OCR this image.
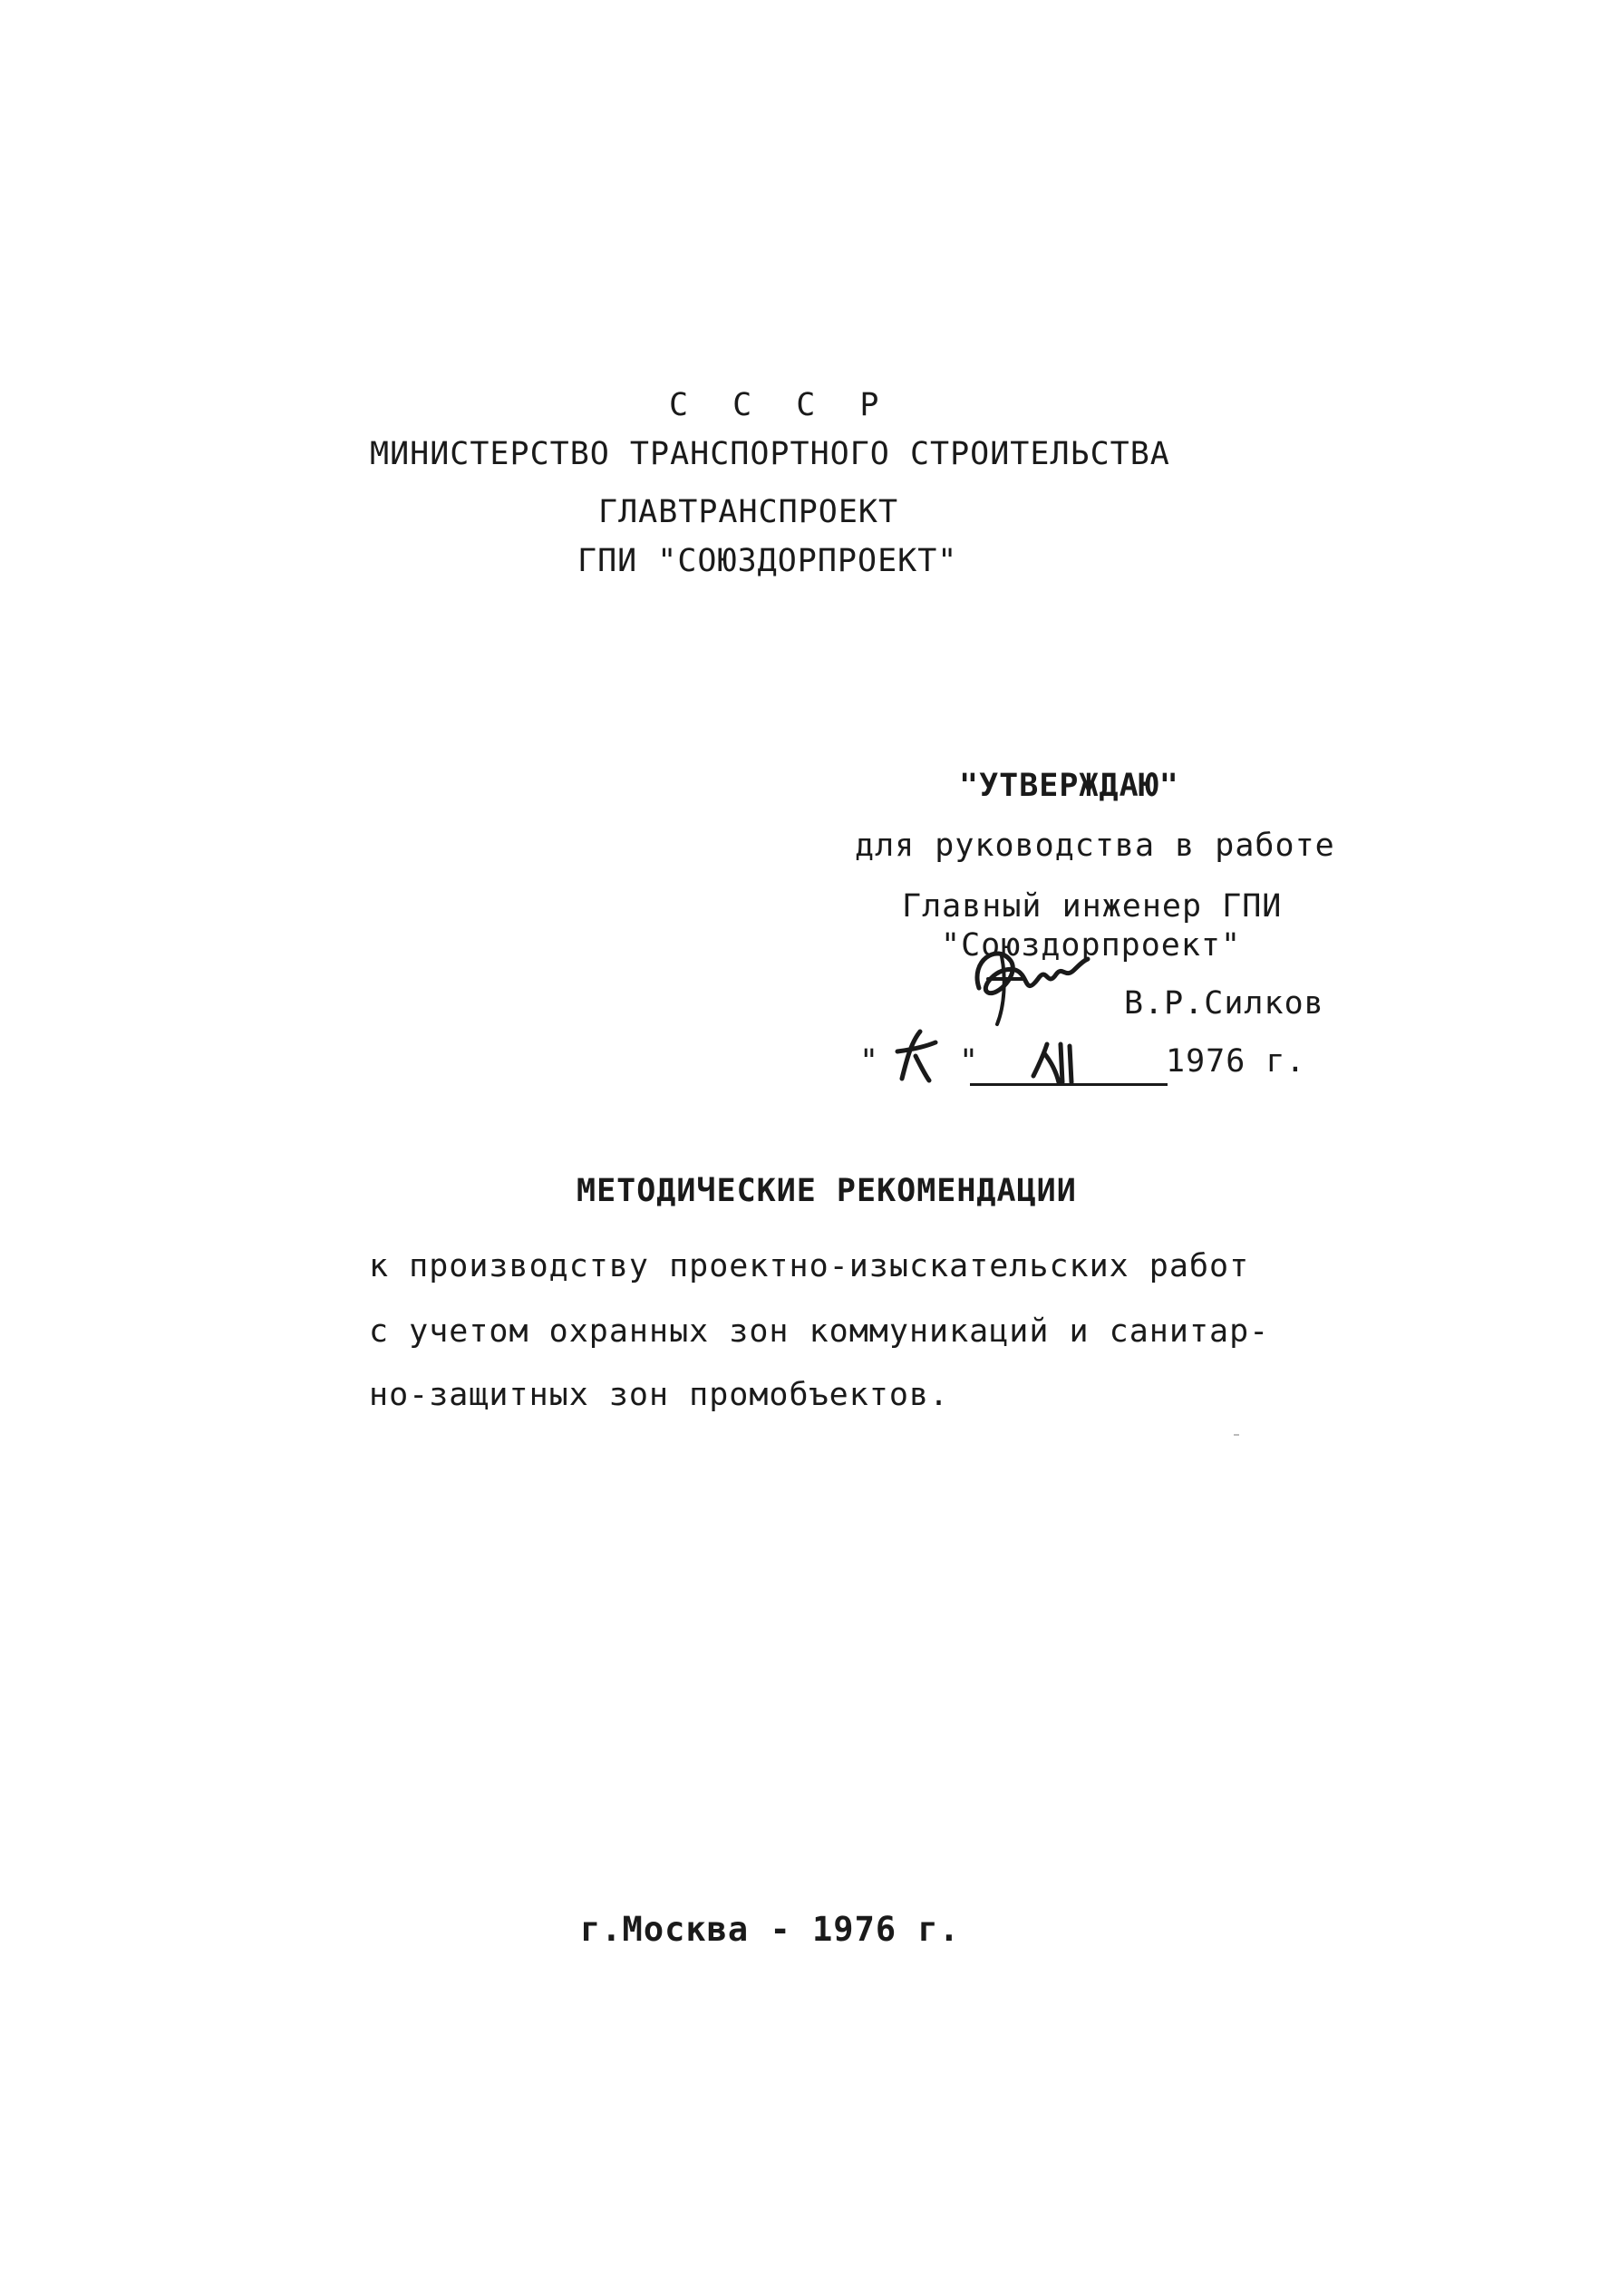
С С С Р
МИНИСТЕРСТВО ТРАНСПОРТНОГО СТРОИТЕЛЬСТВА
ГЛАВТРАНСПРОЕКТ
ГПИ "СОЮЗДОРПРОЕКТ"
"УТВЕРЖДАЮ"
для руководства в работе
Главный инженер ГПИ
"Союздорпроект"
В.Р.Силков
"	"	1976 г.
МЕТОДИЧЕСКИЕ РЕКОМЕНДАЦИИ
к производству проектно-изыскательских работ
с учетом охранных зон коммуникаций и санитар-
но-защитных зон промобъектов.
г.Москва - 1976 г.
